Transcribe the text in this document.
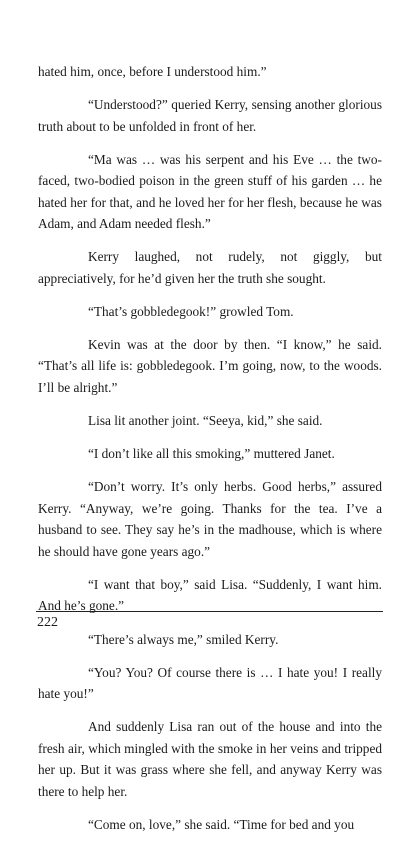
hated him, once, before I understood him.”

“Understood?” queried Kerry, sensing another glorious truth about to be unfolded in front of her.

“Ma was … was his serpent and his Eve … the two-faced, two-bodied poison in the green stuff of his garden … he hated her for that, and he loved her for her flesh, because he was Adam, and Adam needed flesh.”

Kerry laughed, not rudely, not giggly, but appreciatively, for he’d given her the truth she sought.

“That’s gobbledegook!” growled Tom.

Kevin was at the door by then. “I know,” he said. “That’s all life is: gobbledegook. I’m going, now, to the woods. I’ll be alright.”

Lisa lit another joint. “Seeya, kid,” she said.

“I don’t like all this smoking,” muttered Janet.

“Don’t worry. It’s only herbs. Good herbs,” assured Kerry. “Anyway, we’re going. Thanks for the tea. I’ve a husband to see. They say he’s in the madhouse, which is where he should have gone years ago.”

“I want that boy,” said Lisa. “Suddenly, I want him. And he’s gone.”

“There’s always me,” smiled Kerry.

“You? You? Of course there is … I hate you! I really hate you!”

And suddenly Lisa ran out of the house and into the fresh air, which mingled with the smoke in her veins and tripped her up. But it was grass where she fell, and anyway Kerry was there to help her.

“Come on, love,” she said. “Time for bed and you

222
